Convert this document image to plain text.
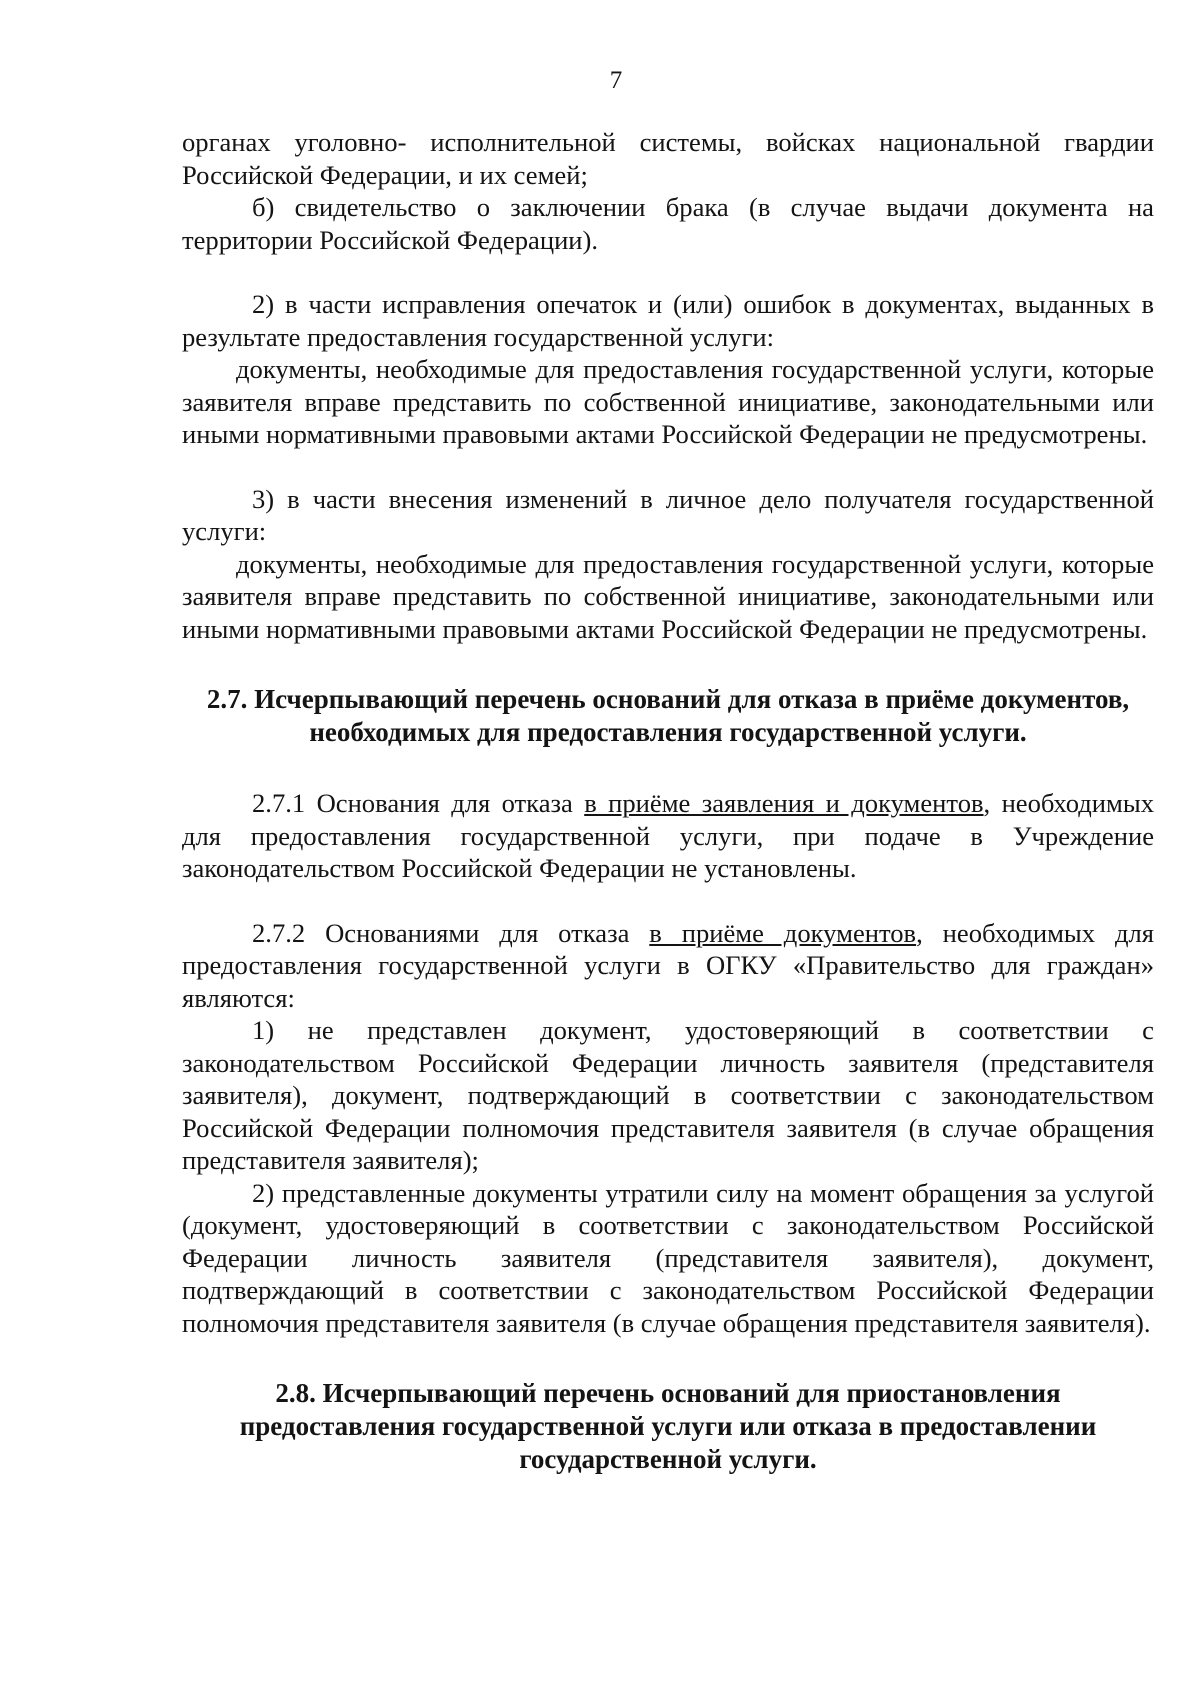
7

органах уголовно- исполнительной системы, войсках национальной гвардии Российской Федерации, и их семей;

б) свидетельство о заключении брака (в случае выдачи документа на территории Российской Федерации).

2) в части исправления опечаток и (или) ошибок в документах, выданных в результате предоставления государственной услуги:

документы, необходимые для предоставления государственной услуги, которые заявителя вправе представить по собственной инициативе, законодательными или иными нормативными правовыми актами Российской Федерации не предусмотрены.

3) в части внесения изменений в личное дело получателя государственной услуги:

документы, необходимые для предоставления государственной услуги, которые заявителя вправе представить по собственной инициативе, законодательными или иными нормативными правовыми актами Российской Федерации не предусмотрены.

2.7. Исчерпывающий перечень оснований для отказа в приёме документов, необходимых для предоставления государственной услуги.

2.7.1 Основания для отказа в приёме заявления и документов, необходимых для предоставления государственной услуги, при подаче в Учреждение законодательством Российской Федерации не установлены.

2.7.2 Основаниями для отказа в приёме документов, необходимых для предоставления государственной услуги в ОГКУ «Правительство для граждан» являются:

1) не представлен документ, удостоверяющий в соответствии с законодательством Российской Федерации личность заявителя (представителя заявителя), документ, подтверждающий в соответствии с законодательством Российской Федерации полномочия представителя заявителя (в случае обращения представителя заявителя);

2) представленные документы утратили силу на момент обращения за услугой (документ, удостоверяющий в соответствии с законодательством Российской Федерации личность заявителя (представителя заявителя), документ, подтверждающий в соответствии с законодательством Российской Федерации полномочия представителя заявителя (в случае обращения представителя заявителя).

2.8. Исчерпывающий перечень оснований для приостановления предоставления государственной услуги или отказа в предоставлении государственной услуги.
